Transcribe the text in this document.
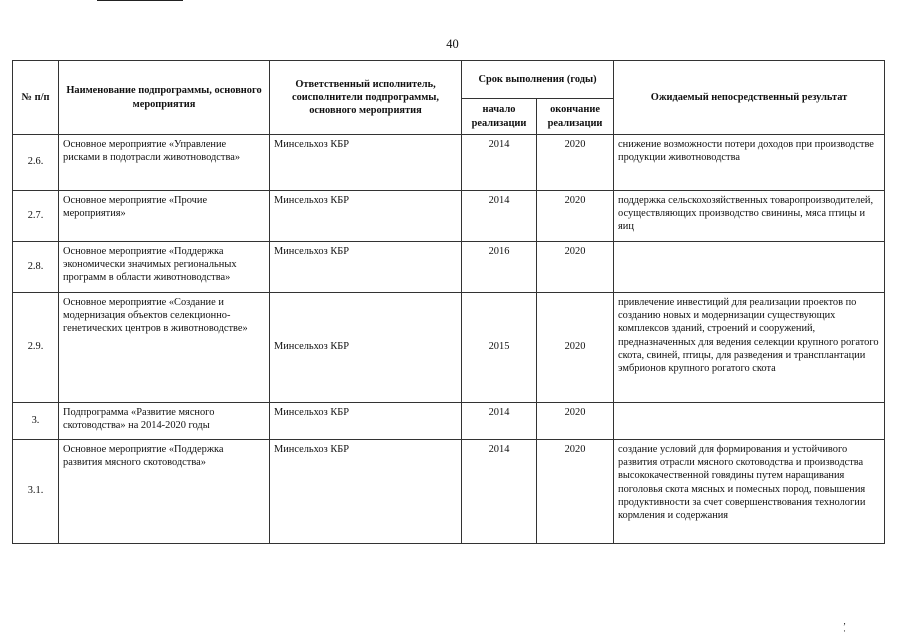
40
№ п/п	Наименование подпрограммы, основного мероприятия	Ответственный исполнитель, соисполнители подпрограммы, основного мероприятия	Срок выполнения (годы)		Ожидаемый непосредственный результат
			начало реализации	окончание реализации	
2.6.	Основное мероприятие «Управление рисками в подотрасли животноводства»	Минсельхоз КБР	2014	2020	снижение возможности потери доходов при производстве продукции животноводства
2.7.	Основное мероприятие «Прочие мероприятия»	Минсельхоз КБР	2014	2020	поддержка сельскохозяйственных товаропроизводителей, осуществляющих производство свинины, мяса птицы и яиц
2.8.	Основное мероприятие «Поддержка экономически значимых региональных программ в области животноводства»	Минсельхоз КБР	2016	2020	
2.9.	Основное мероприятие «Создание и модернизация объектов селекционно-генетических центров в животноводстве»	Минсельхоз КБР	2015	2020	привлечение инвестиций для реализации проектов по созданию новых и модернизации существующих комплексов зданий, строений и сооружений, предназначенных для ведения селекции крупного рогатого скота, свиней, птицы, для разведения и трансплантации эмбрионов крупного рогатого скота
3.	Подпрограмма «Развитие мясного скотоводства» на 2014-2020 годы	Минсельхоз КБР	2014	2020	
3.1.	Основное мероприятие «Поддержка развития мясного скотоводства»	Минсельхоз КБР	2014	2020	создание условий для формирования и устойчивого развития отрасли мясного скотоводства и производства высококачественной говядины путем наращивания поголовья скота мясных и помесных пород, повышения продуктивности за счет совершенствования технологии кормления и содержания
‚ ·
